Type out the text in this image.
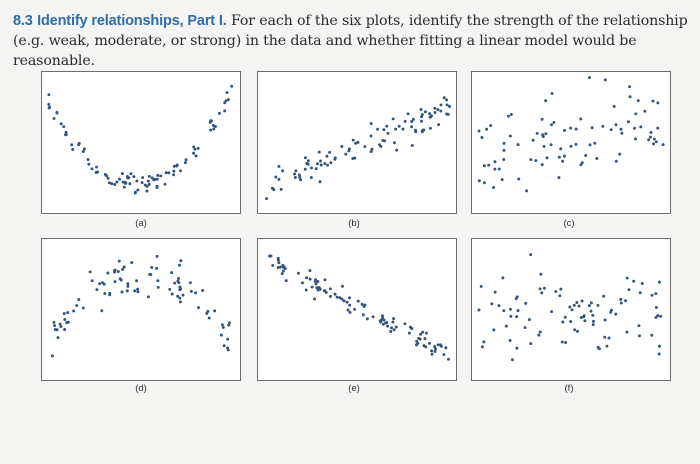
8.3 Identify relationships, Part I. For each of the six plots, identify the strength of the relationship (e.g. weak, moderate, or strong) in the data and whether fitting a linear model would be reasonable.
(a)	(b)	(c)
(d)	(e)	(f)
